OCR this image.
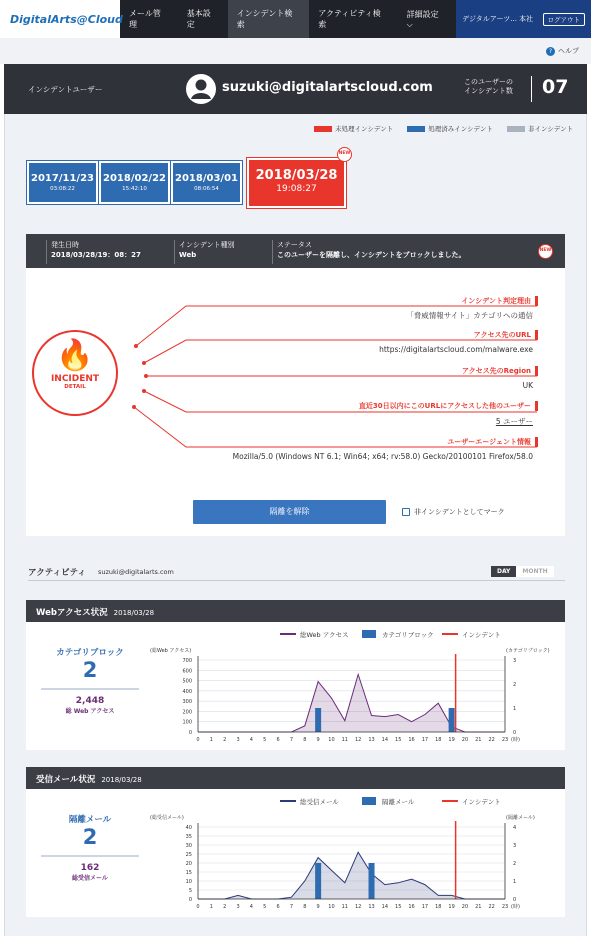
DigitalArts@Cloud メール管理
基本設定
インシデント検索
アクティビティ検索
詳細設定 ⌵
デジタルアーツ... 本社	ログアウト
? ヘルプ
インシデントユーザー	suzuki@digitalartscloud.com	このユーザーの
インシデント数 07
未処理インシデント	処理済みインシデント	非インシデント
2017/11/23
03:08:22
2018/02/22
15:42:10
2018/03/01
08:06:54
2018/03/28
19:08:27
NEW
発生日時
2018/03/28/19：08：27
インシデント種別
Web
ステータス
このユーザーを隔離し、インシデントをブロックしました。
NEW
🔥
INCIDENT
DETAIL
インシデント判定理由
「脅威情報サイト」カテゴリへの通信
アクセス先のURL
https://digitalartscloud.com/malware.exe
アクセス先のRegion
UK
直近30日以内にこのURLにアクセスした他のユーザー
5 ユーザー
ユーザーエージェント情報
Mozilla/5.0 (Windows NT 6.1; Win64; x64; rv:58.0) Gecko/20100101 Firefox/58.0
隔離を解除	非インシデントとしてマーク
アクティビティ suzuki@digitalarts.com	DAY	MONTH
Webアクセス状況 2018/03/28
カテゴリブロック
2
2,448
総 Web アクセス
総Web アクセス	カテゴリブロック	インシデント
(総Web アクセス)	(カテゴリブロック)
0
100
200
300
400
500
600
700
0
1
2
3
0 1 2 3 4 5 6 7 8 9 10 11 12 13 14 15 16 17 18 19 20 21 22 23 (時)
受信メール状況 2018/03/28
隔離メール
2
162
総受信メール
総受信メール	隔離メール	インシデント
(総受信メール)	(隔離メール)
0
5
10
15
20
25
30
35
40
0
1
2
3
4
0 1 2 3 4 5 6 7 8 9 10 11 12 13 14 15 16 17 18 19 20 21 22 23 (時)
